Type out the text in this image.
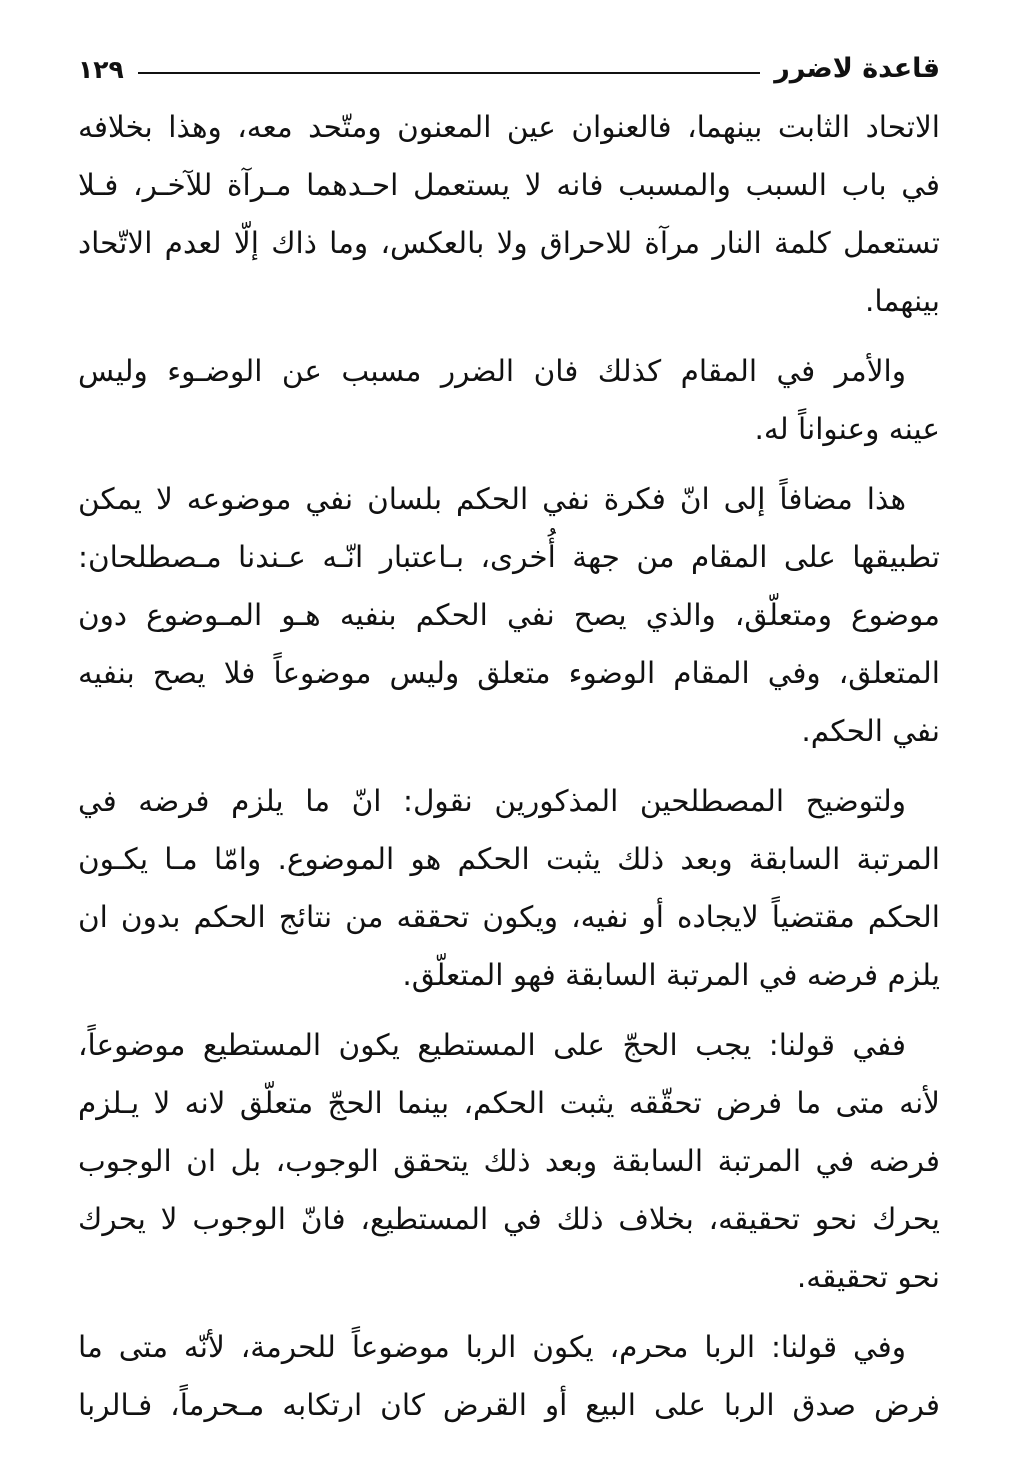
قاعدة لاضرر
١٢٩
الاتحاد الثابت بينهما، فالعنوان عين المعنون ومتّحد معه، وهذا بخلافه
في باب السبب والمسبب فانه لا يستعمل احـدهما مـرآة للآخـر، فـلا
تستعمل كلمة النار مرآة للاحراق ولا بالعكس، وما ذاك إلّا لعدم الاتّحاد
بينهما.
والأمر في المقام كذلك فان الضرر مسبب عن الوضـوء وليس
عينه وعنواناً له.
هذا مضافاً إلى انّ فكرة نفي الحكم بلسان نفي موضوعه لا يمكن
تطبيقها على المقام من جهة أُخرى، بـاعتبار انّـه عـندنا مـصطلحان:
موضوع ومتعلّق، والذي يصح نفي الحكم بنفيه هـو المـوضوع دون
المتعلق، وفي المقام الوضوء متعلق وليس موضوعاً فلا يصح بنفيه
نفي الحكم.
ولتوضيح المصطلحين المذكورين نقول: انّ ما يلزم فرضه في
المرتبة السابقة وبعد ذلك يثبت الحكم هو الموضوع. وامّا مـا يكـون
الحكم مقتضياً لايجاده أو نفيه، ويكون تحققه من نتائج الحكم بدون ان
يلزم فرضه في المرتبة السابقة فهو المتعلّق.
ففي قولنا: يجب الحجّ على المستطيع يكون المستطيع موضوعاً،
لأنه متى ما فرض تحقّقه يثبت الحكم، بينما الحجّ متعلّق لانه لا يـلزم
فرضه في المرتبة السابقة وبعد ذلك يتحقق الوجوب، بل ان الوجوب
يحرك نحو تحقيقه، بخلاف ذلك في المستطيع، فانّ الوجوب لا يحرك
نحو تحقيقه.
وفي قولنا: الربا محرم، يكون الربا موضوعاً للحرمة، لأنّه متى ما
فرض صدق الربا على البيع أو القرض كان ارتكابه مـحرماً، فـالربا
